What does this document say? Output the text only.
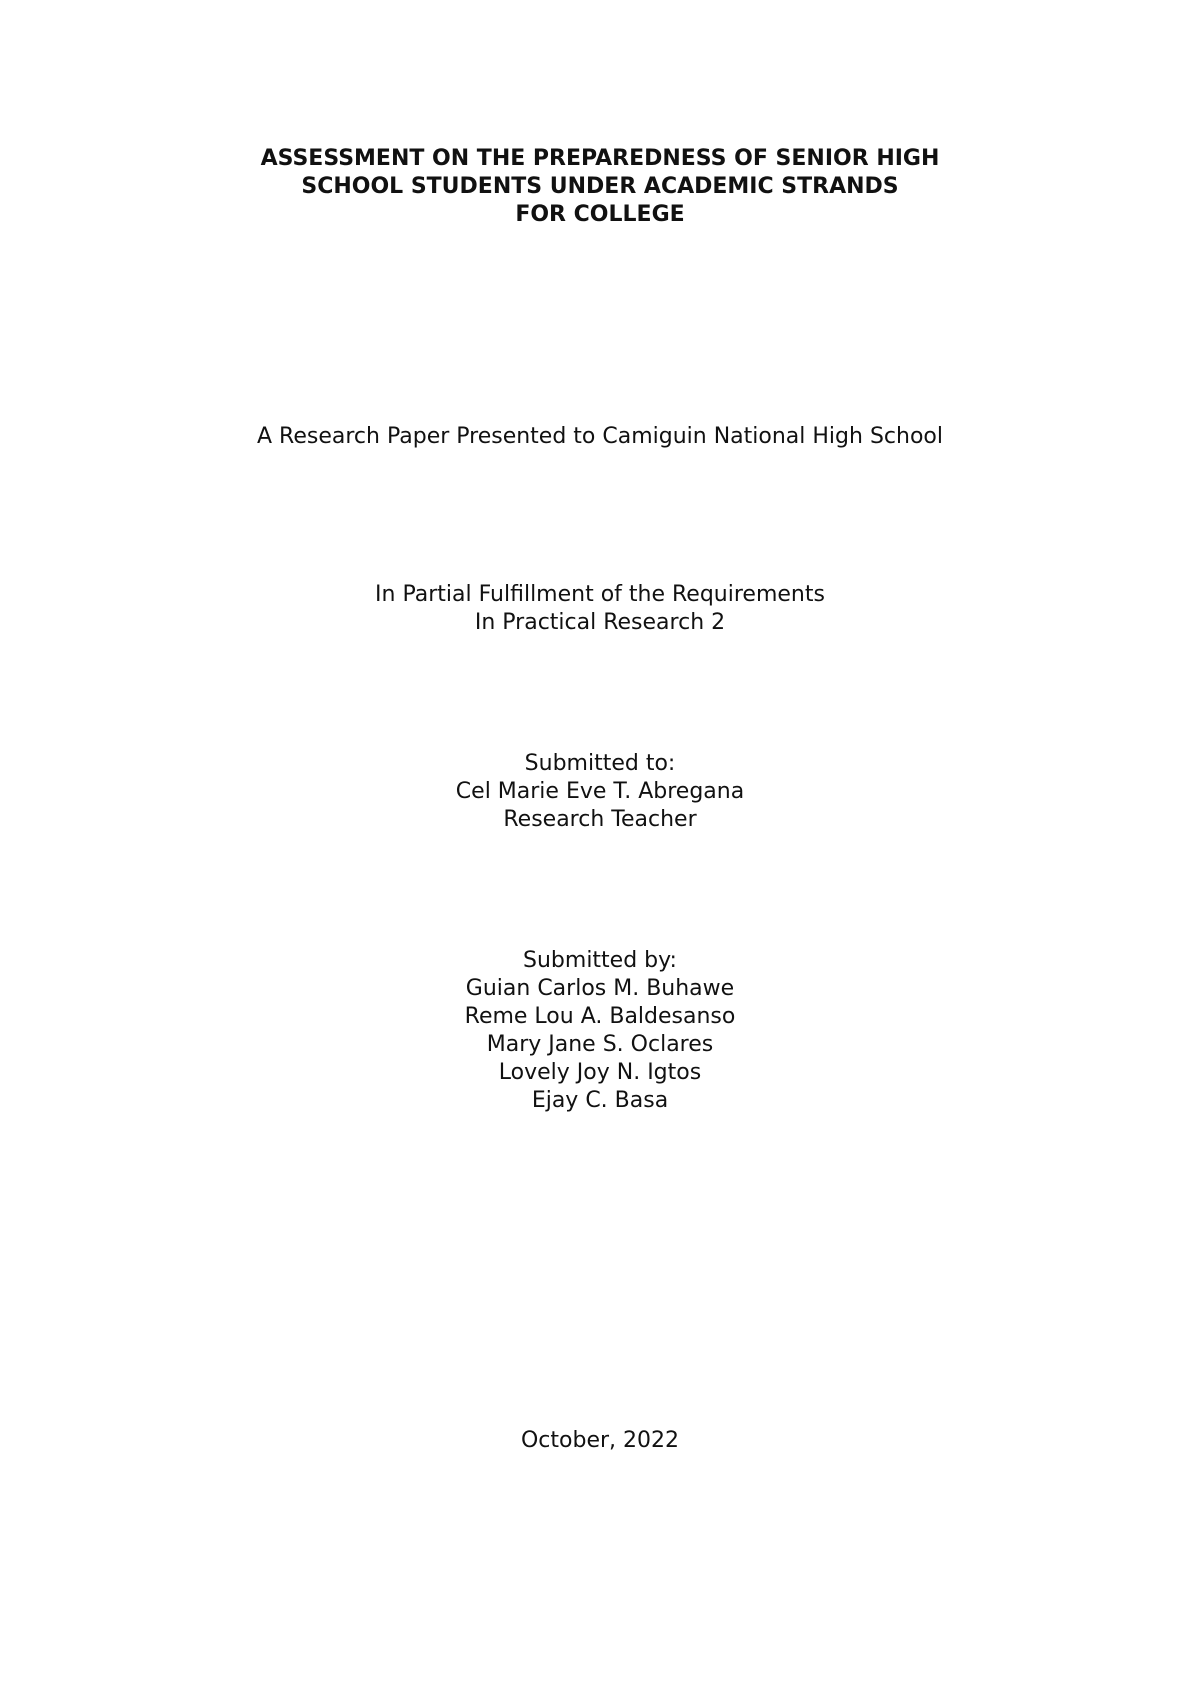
ASSESSMENT ON THE PREPAREDNESS OF SENIOR HIGH
SCHOOL STUDENTS UNDER ACADEMIC STRANDS
FOR COLLEGE
A Research Paper Presented to Camiguin National High School
In Partial Fulfillment of the Requirements
In Practical Research 2
Submitted to:
Cel Marie Eve T. Abregana
Research Teacher
Submitted by:
Guian Carlos M. Buhawe
Reme Lou A. Baldesanso
Mary Jane S. Oclares
Lovely Joy N. Igtos
Ejay C. Basa
October, 2022
